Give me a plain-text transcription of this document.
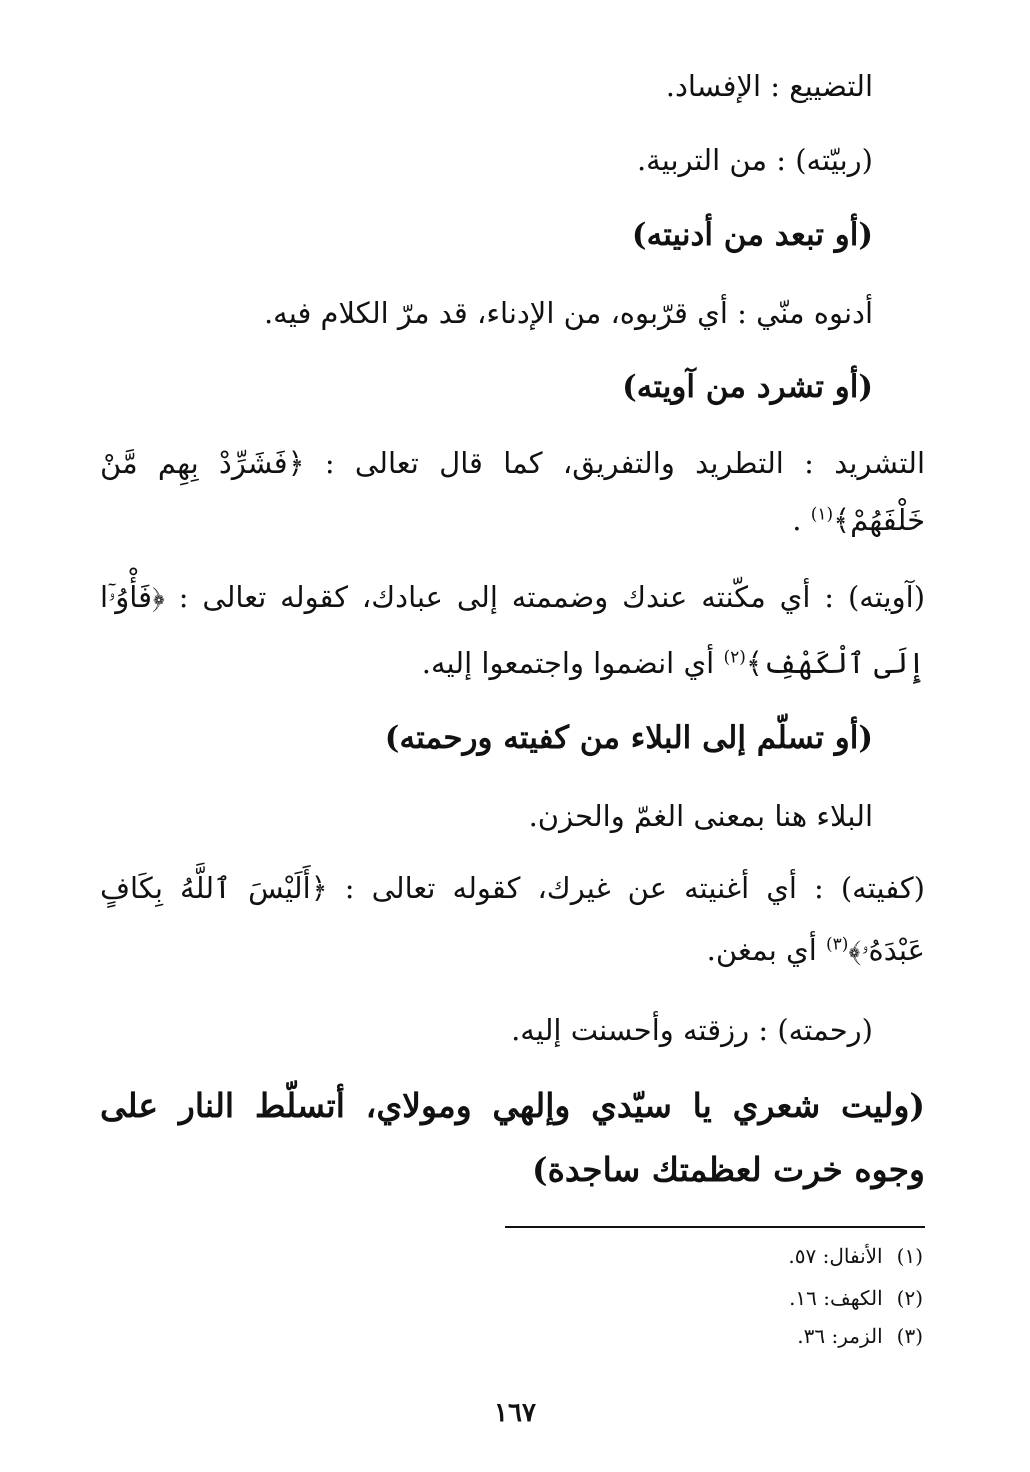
التضييع : الإفساد.
(ربيّته) : من التربية.
(أو تبعد من أدنيته)
أدنوه منّي : أي قرّبوه، من الإدناء، قد مرّ الكلام فيه.
(أو تشرد من آويته)
التشريد : التطريد والتفريق، كما قال تعالى : ﴿فَشَرِّدْ بِهِم مَّنْ
خَلْفَهُمْ﴾$^{(١)}$ .
(آويته) : أي مكّنته عندك وضممته إلى عبادك، كقوله تعالى : ﴿فَأْوُۥٓا
إِلَى ٱلْكَهْفِ﴾$^{(٢)}$ أي انضموا واجتمعوا إليه.
(أو تسلّم إلى البلاء من كفيته ورحمته)
البلاء هنا بمعنى الغمّ والحزن.
(كفيته) : أي أغنيته عن غيرك، كقوله تعالى : ﴿أَلَيْسَ ٱللَّهُ بِكَافٍ
عَبْدَهُۥ﴾$^{(٣)}$ أي بمغن.
(رحمته) : رزقته وأحسنت إليه.
(وليت شعري يا سيّدي وإلهي ومولاي، أتسلّط النار على
وجوه خرت لعظمتك ساجدة)
(١)الأنفال: ٥٧.
(٢)الكهف: ١٦.
(٣)الزمر: ٣٦.
١٦٧
